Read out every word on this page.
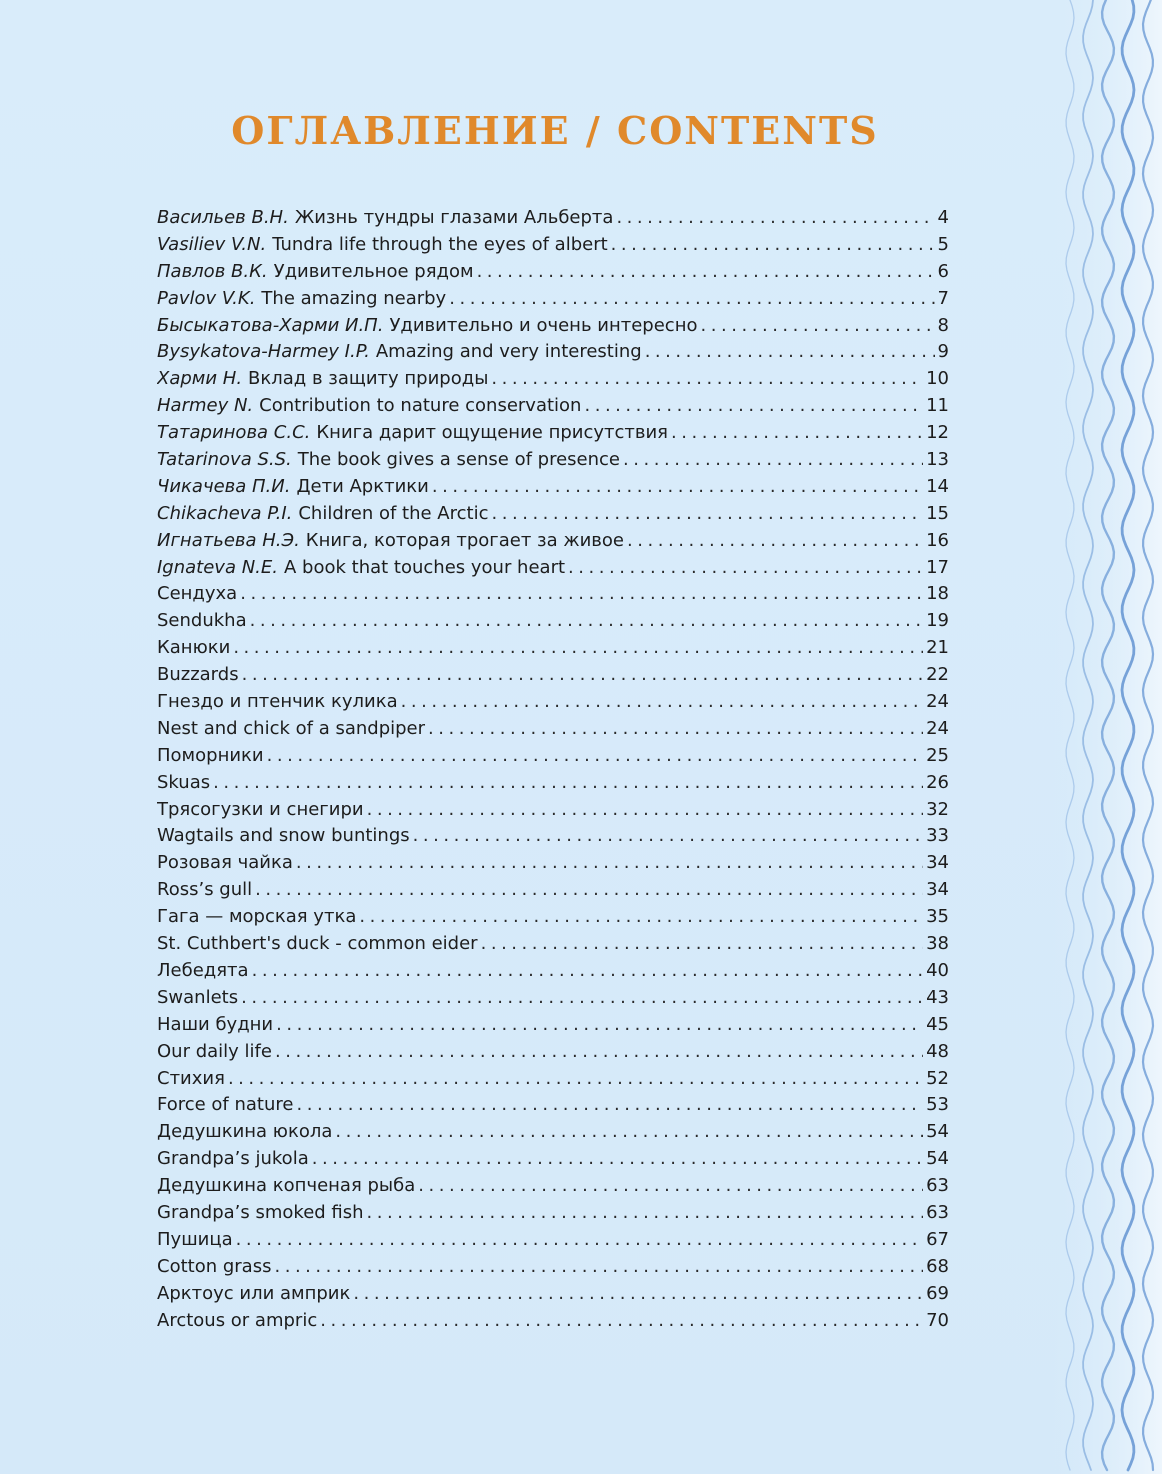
ОГЛАВЛЕНИЕ / CONTENTS
Васильев В.Н. Жизнь тундры глазами Альберта . . .	4
Vasiliev V.N. Tundra life through the eyes of albert . . .	5
Павлов В.К. Удивительное рядом . . .	6
Pavlov V.K. The amazing nearby . . .	7
Бысыкатова-Харми И.П. Удивительно и очень интересно . . .	8
Bysykatova-Harmey I.P. Amazing and very interesting . . .	9
Харми Н. Вклад в защиту природы . . .	10
Harmey N. Contribution to nature conservation . . .	11
Татаринова С.С. Книга дарит ощущение присутствия . . .	12
Tatarinova S.S. The book gives a sense of presence . . .	13
Чикачева П.И. Дети Арктики . . .	14
Chikacheva P.I. Children of the Arctic . . .	15
Игнатьева Н.Э. Книга, которая трогает за живое . . .	16
Ignateva N.E. A book that touches your heart . . .	17
Сендуха . . .	18
Sendukha . . .	19
Канюки . . .	21
Buzzards . . .	22
Гнездо и птенчик кулика . . .	24
Nest and chick of a sandpiper . . .	24
Поморники . . .	25
Skuas . . .	26
Трясогузки и снегири . . .	32
Wagtails and snow buntings . . .	33
Розовая чайка . . .	34
Ross’s gull . . .	34
Гага — морская утка . . .	35
St. Cuthbert's duck - common eider . . .	38
Лебедята . . .	40
Swanlets . . .	43
Наши будни . . .	45
Our daily life . . .	48
Стихия . . .	52
Force of nature . . .	53
Дедушкина юкола . . .	54
Grandpa’s jukola . . .	54
Дедушкина копченая рыба . . .	63
Grandpa’s smoked fish . . .	63
Пушица . . .	67
Cotton grass . . .	68
Арктоус или амприк . . .	69
Arctous or ampric . . .	70
